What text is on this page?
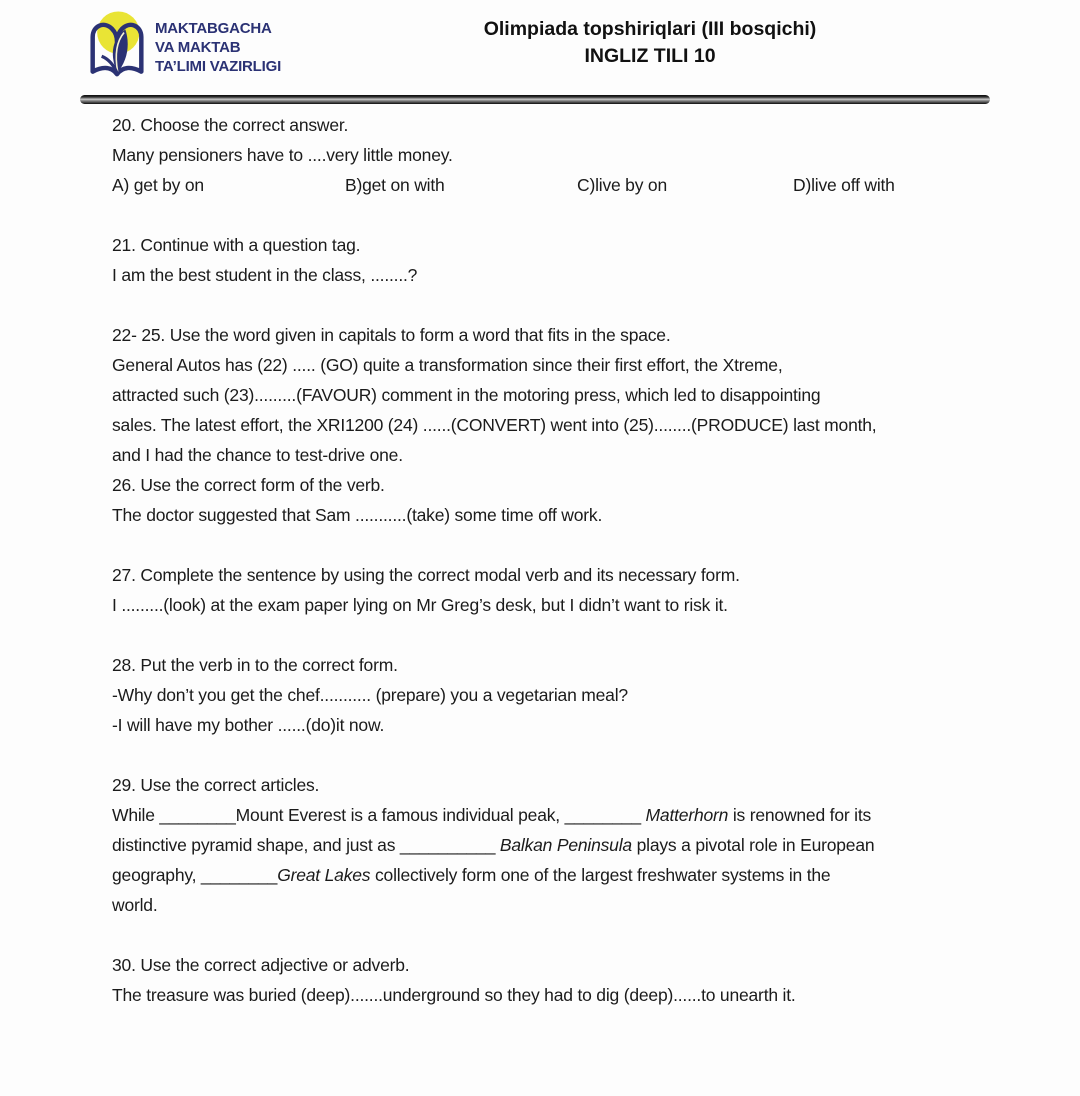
MAKTABGACHA
VA MAKTAB
TA’LIMI VAZIRLIGI
Olimpiada topshiriqlari (III bosqichi)
INGLIZ TILI 10

20. Choose the correct answer.

Many pensioners have to ....very little money.

A) get by on	B)get on with	C)live by on	D)live off with

21. Continue with a question tag.

I am the best student in the class, ........?

22- 25. Use the word given in capitals to form a word that fits in the space.

General Autos has (22) ..... (GO) quite a transformation since their first effort, the Xtreme,

attracted such (23).........(FAVOUR) comment in the motoring press, which led to disappointing

sales. The latest effort, the XRI1200 (24) ......(CONVERT) went into (25)........(PRODUCE) last month,

and I had the chance to test-drive one.

26. Use the correct form of the verb.

The doctor suggested that Sam ...........(take) some time off work.

27. Complete the sentence by using the correct modal verb and its necessary form.

I .........(look) at the exam paper lying on Mr Greg’s desk, but I didn’t want to risk it.

28. Put the verb in to the correct form.

-Why don’t you get the chef........... (prepare) you a vegetarian meal?

-I will have my bother ......(do)it now.

29. Use the correct articles.

While ________Mount Everest is a famous individual peak, ________ Matterhorn is renowned for its

distinctive pyramid shape, and just as __________ Balkan Peninsula plays a pivotal role in European

geography, ________Great Lakes collectively form one of the largest freshwater systems in the

world.

30. Use the correct adjective or adverb.

The treasure was buried (deep).......underground so they had to dig (deep)......to unearth it.
